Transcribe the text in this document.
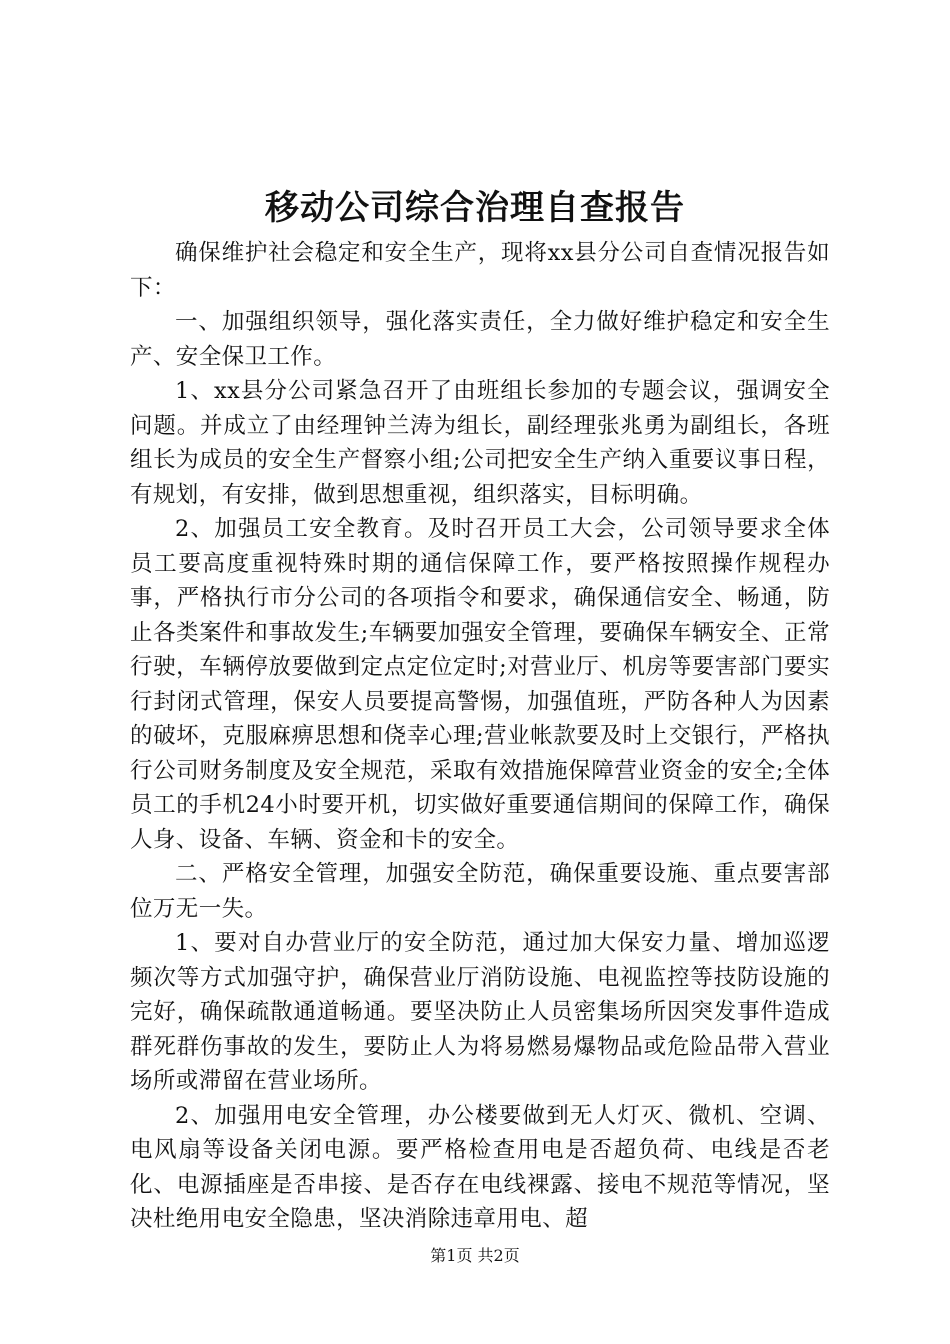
移动公司综合治理自查报告

确保维护社会稳定和安全生产，现将xx县分公司自查情况报告如下：

一、加强组织领导，强化落实责任，全力做好维护稳定和安全生产、安全保卫工作。

1、xx县分公司紧急召开了由班组长参加的专题会议，强调安全问题。并成立了由经理钟兰涛为组长，副经理张兆勇为副组长，各班组长为成员的安全生产督察小组;公司把安全生产纳入重要议事日程，有规划，有安排，做到思想重视，组织落实，目标明确。

2、加强员工安全教育。及时召开员工大会，公司领导要求全体员工要高度重视特殊时期的通信保障工作，要严格按照操作规程办事，严格执行市分公司的各项指令和要求，确保通信安全、畅通，防止各类案件和事故发生;车辆要加强安全管理，要确保车辆安全、正常行驶，车辆停放要做到定点定位定时;对营业厅、机房等要害部门要实行封闭式管理，保安人员要提高警惕，加强值班，严防各种人为因素的破坏，克服麻痹思想和侥幸心理;营业帐款要及时上交银行，严格执行公司财务制度及安全规范，采取有效措施保障营业资金的安全;全体员工的手机24小时要开机，切实做好重要通信期间的保障工作，确保人身、设备、车辆、资金和卡的安全。

二、严格安全管理，加强安全防范，确保重要设施、重点要害部位万无一失。

1、要对自办营业厅的安全防范，通过加大保安力量、增加巡逻频次等方式加强守护，确保营业厅消防设施、电视监控等技防设施的完好，确保疏散通道畅通。要坚决防止人员密集场所因突发事件造成群死群伤事故的发生，要防止人为将易燃易爆物品或危险品带入营业场所或滞留在营业场所。

2、加强用电安全管理，办公楼要做到无人灯灭、微机、空调、电风扇等设备关闭电源。要严格检查用电是否超负荷、电线是否老化、电源插座是否串接、是否存在电线裸露、接电不规范等情况，坚决杜绝用电安全隐患，坚决消除违章用电、超

第1页 共2页
